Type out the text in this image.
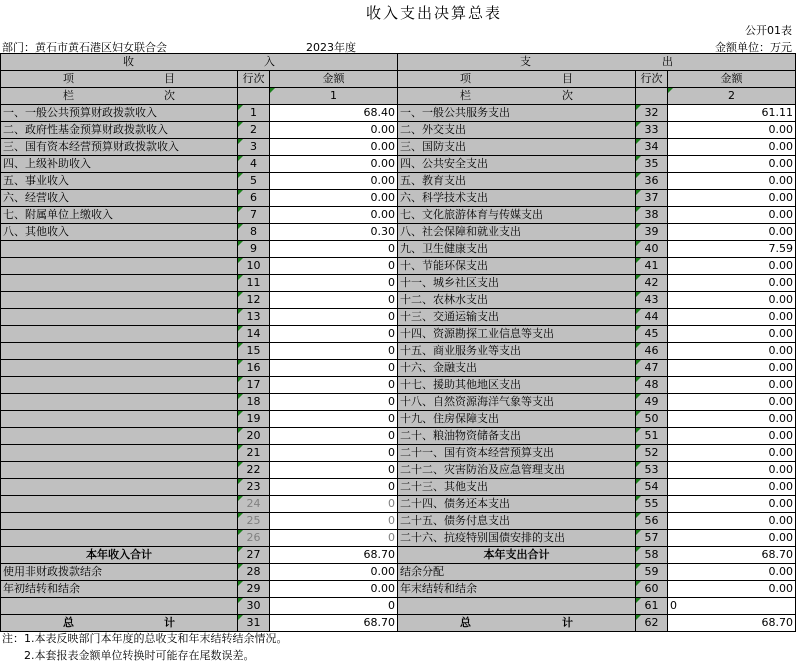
收入支出决算总表
公开01表
部门：黄石市黄石港区妇女联合会	2023年度	金额单位：万元
收 入			支 出		

项 目	行次	金额	项 目	行次	金额

栏 次		1	栏 次		2
一、一般公共预算财政拨款收入	1	68.40	一、一般公共服务支出	32	61.11
二、政府性基金预算财政拨款收入	2	0.00	二、外交支出	33	0.00
三、国有资本经营预算财政拨款收入	3	0.00	三、国防支出	34	0.00
四、上级补助收入	4	0.00	四、公共安全支出	35	0.00
五、事业收入	5	0.00	五、教育支出	36	0.00
六、经营收入	6	0.00	六、科学技术支出	37	0.00
七、附属单位上缴收入	7	0.00	七、文化旅游体育与传媒支出	38	0.00
八、其他收入	8	0.30	八、社会保障和就业支出	39	0.00
	9	0	九、卫生健康支出	40	7.59
	10	0	十、节能环保支出	41	0.00
	11	0	十一、城乡社区支出	42	0.00
	12	0	十二、农林水支出	43	0.00
	13	0	十三、交通运输支出	44	0.00
	14	0	十四、资源勘探工业信息等支出	45	0.00
	15	0	十五、商业服务业等支出	46	0.00
	16	0	十六、金融支出	47	0.00
	17	0	十七、援助其他地区支出	48	0.00
	18	0	十八、自然资源海洋气象等支出	49	0.00
	19	0	十九、住房保障支出	50	0.00
	20	0	二十、粮油物资储备支出	51	0.00
	21	0	二十一、国有资本经营预算支出	52	0.00
	22	0	二十二、灾害防治及应急管理支出	53	0.00
	23	0	二十三、其他支出	54	0.00
	24	0	二十四、债务还本支出	55	0.00
	25	0	二十五、债务付息支出	56	0.00
	26	0	二十六、抗疫特别国债安排的支出	57	0.00
本年收入合计	27	68.70	本年支出合计	58	68.70
使用非财政拨款结余	28	0.00	结余分配	59	0.00
年初结转和结余	29	0.00	年末结转和结余	60	0.00
	30	0		61	0

总 计	31	68.70	总 计	62	68.70
注：1.本表反映部门本年度的总收支和年末结转结余情况。
2.本套报表金额单位转换时可能存在尾数误差。
